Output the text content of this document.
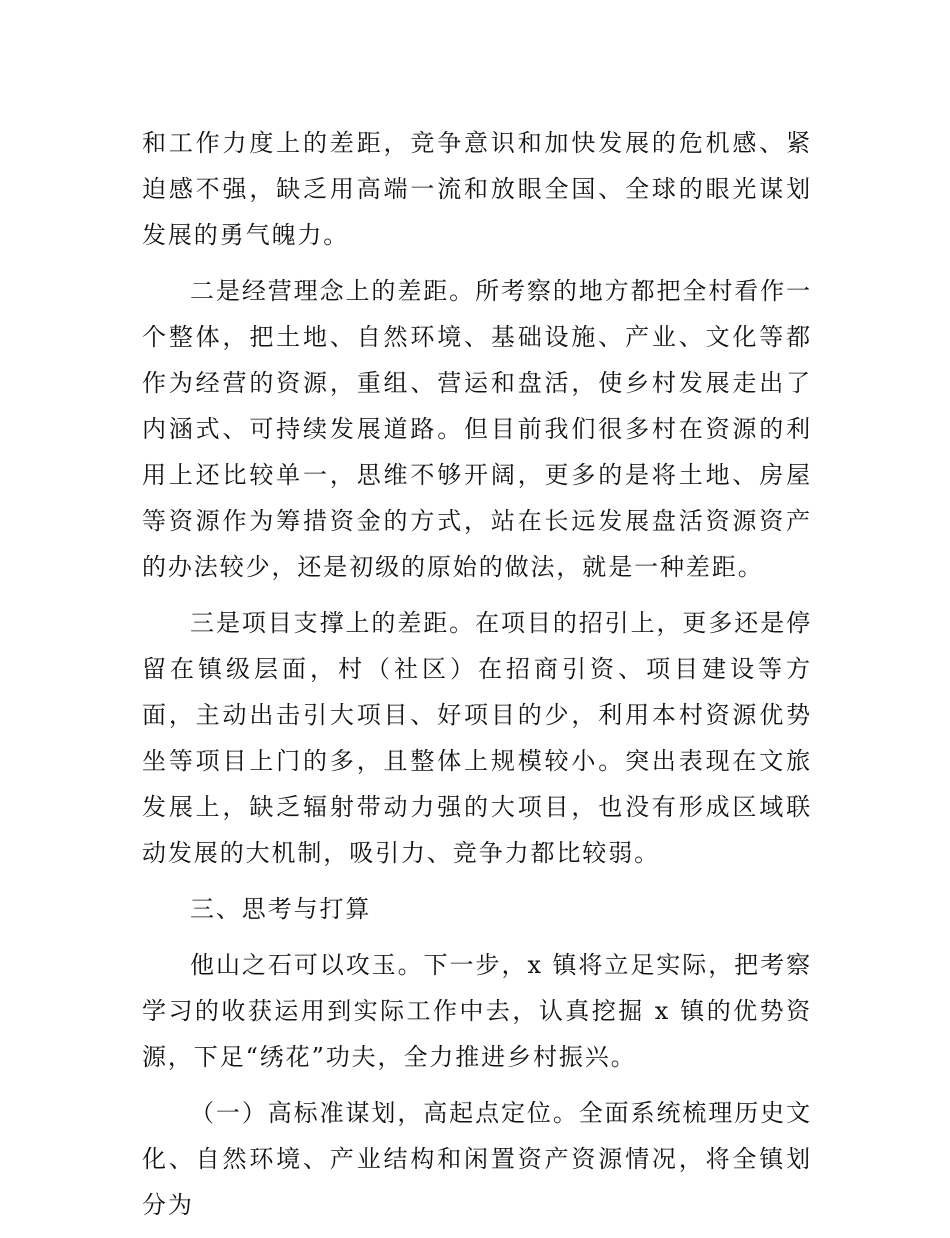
和工作力度上的差距，竞争意识和加快发展的危机感、紧迫感不强，缺乏用高端一流和放眼全国、全球的眼光谋划发展的勇气魄力。

二是经营理念上的差距。所考察的地方都把全村看作一个整体，把土地、自然环境、基础设施、产业、文化等都作为经营的资源，重组、营运和盘活，使乡村发展走出了内涵式、可持续发展道路。但目前我们很多村在资源的利用上还比较单一，思维不够开阔，更多的是将土地、房屋等资源作为筹措资金的方式，站在长远发展盘活资源资产的办法较少，还是初级的原始的做法，就是一种差距。

三是项目支撑上的差距。在项目的招引上，更多还是停留在镇级层面，村（社区）在招商引资、项目建设等方面，主动出击引大项目、好项目的少，利用本村资源优势坐等项目上门的多，且整体上规模较小。突出表现在文旅发展上，缺乏辐射带动力强的大项目，也没有形成区域联动发展的大机制，吸引力、竞争力都比较弱。

三、思考与打算

他山之石可以攻玉。下一步，x 镇将立足实际，把考察学习的收获运用到实际工作中去，认真挖掘 x 镇的优势资源，下足“绣花”功夫，全力推进乡村振兴。

（一）高标准谋划，高起点定位。全面系统梳理历史文化、自然环境、产业结构和闲置资产资源情况，将全镇划分为
